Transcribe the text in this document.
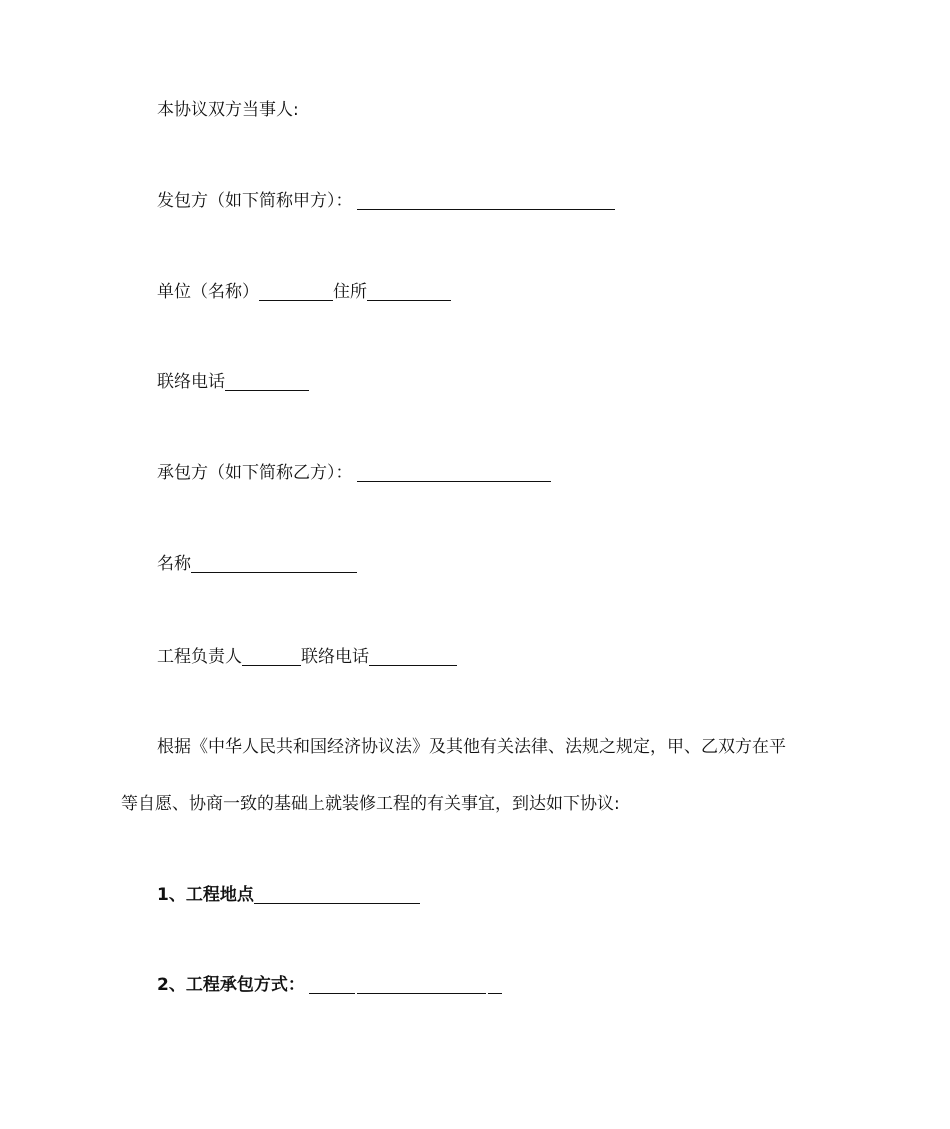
本协议双方当事人:
发包方（如下简称甲方）：
单位（名称）	住所
联络电话
承包方（如下简称乙方）：
名称
工程负责人	联络电话
根据《中华人民共和国经济协议法》及其他有关法律、法规之规定，甲、乙双方在平
等自愿、协商一致的基础上就装修工程的有关事宜，到达如下协议:
1、工程地点
2、工程承包方式：
